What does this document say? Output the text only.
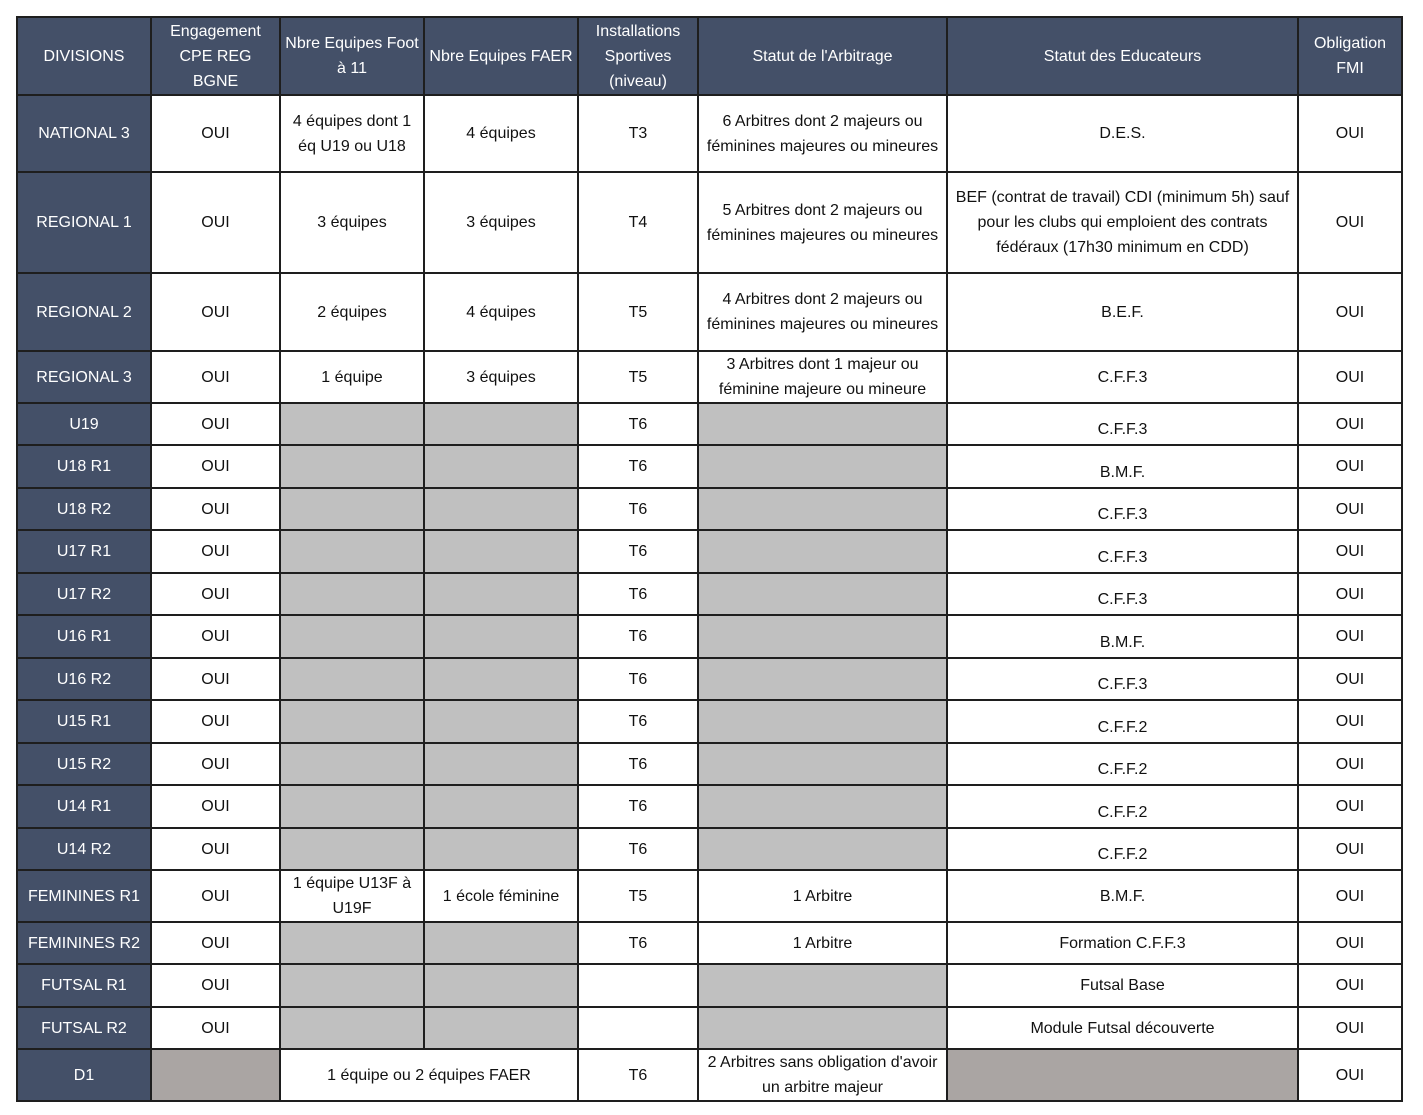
DIVISIONS	Engagement CPE REG BGNE	Nbre Equipes Foot à 11	Nbre Equipes FAER	Installations Sportives (niveau)	Statut de l'Arbitrage	Statut des Educateurs	Obligation FMI
NATIONAL 3	OUI	4 équipes dont 1 éq U19 ou U18	4 équipes	T3	6 Arbitres dont 2 majeurs ou féminines majeures ou mineures	D.E.S.	OUI
REGIONAL 1	OUI	3 équipes	3 équipes	T4	5 Arbitres dont 2 majeurs ou féminines majeures ou mineures	BEF (contrat de travail) CDI (minimum 5h) sauf pour les clubs qui emploient des contrats fédéraux (17h30 minimum en CDD)	OUI
REGIONAL 2	OUI	2 équipes	4 équipes	T5	4 Arbitres dont 2 majeurs ou féminines majeures ou mineures	B.E.F.	OUI
REGIONAL 3	OUI	1 équipe	3 équipes	T5	3 Arbitres dont 1 majeur ou féminine majeure ou mineure	C.F.F.3	OUI
U19	OUI			T6		C.F.F.3	OUI
U18 R1	OUI			T6		B.M.F.	OUI
U18 R2	OUI			T6		C.F.F.3	OUI
U17 R1	OUI			T6		C.F.F.3	OUI
U17 R2	OUI			T6		C.F.F.3	OUI
U16 R1	OUI			T6		B.M.F.	OUI
U16 R2	OUI			T6		C.F.F.3	OUI
U15 R1	OUI			T6		C.F.F.2	OUI
U15 R2	OUI			T6		C.F.F.2	OUI
U14 R1	OUI			T6		C.F.F.2	OUI
U14 R2	OUI			T6		C.F.F.2	OUI
FEMININES R1	OUI	1 équipe U13F à U19F	1 école féminine	T5	1 Arbitre	B.M.F.	OUI
FEMININES R2	OUI			T6	1 Arbitre	Formation C.F.F.3	OUI
FUTSAL R1	OUI					Futsal Base	OUI
FUTSAL R2	OUI					Module Futsal découverte	OUI
D1		1 équipe ou 2 équipes FAER		T6	2 Arbitres sans obligation d'avoir un arbitre majeur		OUI
